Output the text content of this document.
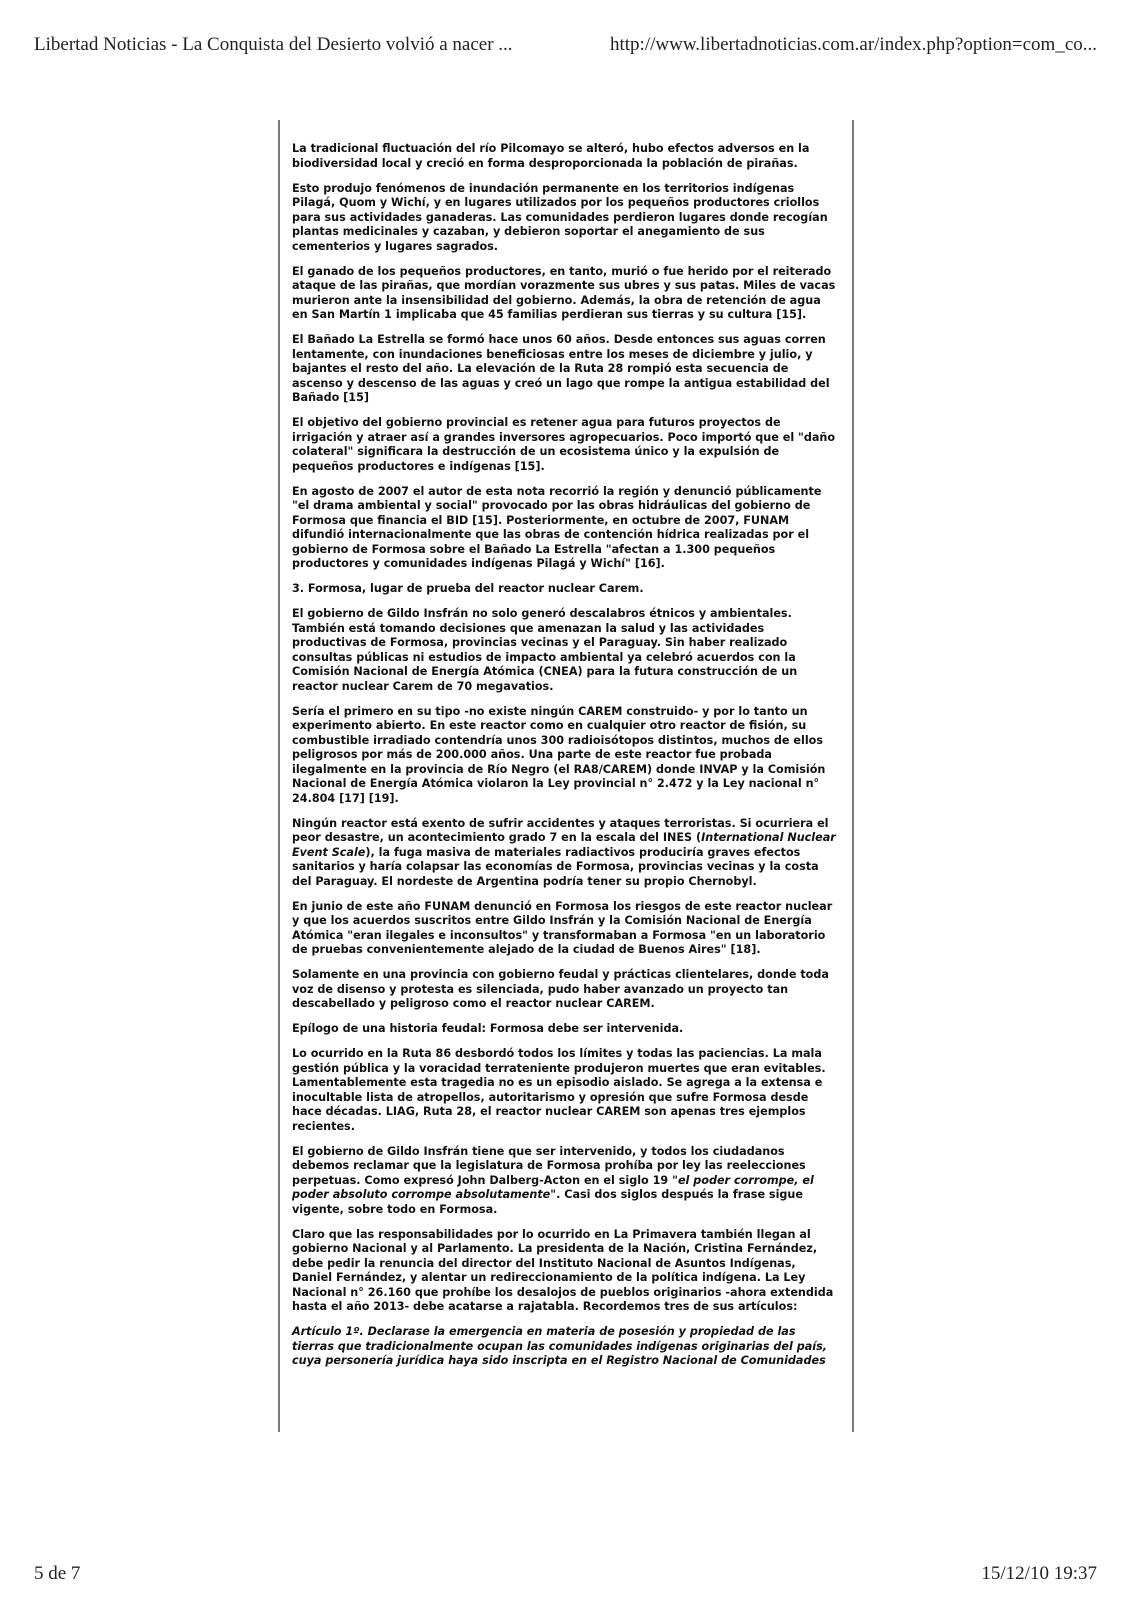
Libertad Noticias - La Conquista del Desierto volvió a nacer ...	http://www.libertadnoticias.com.ar/index.php?option=com_co...

La tradicional fluctuación del río Pilcomayo se alteró, hubo efectos adversos en la biodiversidad local y creció en forma desproporcionada la población de pirañas.

Esto produjo fenómenos de inundación permanente en los territorios indígenas Pilagá, Quom y Wichí, y en lugares utilizados por los pequeños productores criollos para sus actividades ganaderas. Las comunidades perdieron lugares donde recogían plantas medicinales y cazaban, y debieron soportar el anegamiento de sus cementerios y lugares sagrados.

El ganado de los pequeños productores, en tanto, murió o fue herido por el reiterado ataque de las pirañas, que mordían vorazmente sus ubres y sus patas. Miles de vacas murieron ante la insensibilidad del gobierno. Además, la obra de retención de agua en San Martín 1 implicaba que 45 familias perdieran sus tierras y su cultura [15].

El Bañado La Estrella se formó hace unos 60 años. Desde entonces sus aguas corren lentamente, con inundaciones beneficiosas entre los meses de diciembre y julio, y bajantes el resto del año. La elevación de la Ruta 28 rompió esta secuencia de ascenso y descenso de las aguas y creó un lago que rompe la antigua estabilidad del Bañado [15]

El objetivo del gobierno provincial es retener agua para futuros proyectos de irrigación y atraer así a grandes inversores agropecuarios. Poco importó que el "daño colateral" significara la destrucción de un ecosistema único y la expulsión de pequeños productores e indígenas [15].

En agosto de 2007 el autor de esta nota recorrió la región y denunció públicamente "el drama ambiental y social" provocado por las obras hidráulicas del gobierno de Formosa que financia el BID [15]. Posteriormente, en octubre de 2007, FUNAM difundió internacionalmente que las obras de contención hídrica realizadas por el gobierno de Formosa sobre el Bañado La Estrella "afectan a 1.300 pequeños productores y comunidades indígenas Pilagá y Wichí" [16].

3. Formosa, lugar de prueba del reactor nuclear Carem.

El gobierno de Gildo Insfrán no solo generó descalabros étnicos y ambientales. También está tomando decisiones que amenazan la salud y las actividades productivas de Formosa, provincias vecinas y el Paraguay. Sin haber realizado consultas públicas ni estudios de impacto ambiental ya celebró acuerdos con la Comisión Nacional de Energía Atómica (CNEA) para la futura construcción de un reactor nuclear Carem de 70 megavatios.

Sería el primero en su tipo -no existe ningún CAREM construido- y por lo tanto un experimento abierto. En este reactor como en cualquier otro reactor de fisión, su combustible irradiado contendría unos 300 radioisótopos distintos, muchos de ellos peligrosos por más de 200.000 años. Una parte de este reactor fue probada ilegalmente en la provincia de Río Negro (el RA8/CAREM) donde INVAP y la Comisión Nacional de Energía Atómica violaron la Ley provincial n° 2.472 y la Ley nacional n° 24.804 [17] [19].

Ningún reactor está exento de sufrir accidentes y ataques terroristas. Si ocurriera el peor desastre, un acontecimiento grado 7 en la escala del INES (International Nuclear Event Scale), la fuga masiva de materiales radiactivos produciría graves efectos sanitarios y haría colapsar las economías de Formosa, provincias vecinas y la costa del Paraguay. El nordeste de Argentina podría tener su propio Chernobyl.

En junio de este año FUNAM denunció en Formosa los riesgos de este reactor nuclear y que los acuerdos suscritos entre Gildo Insfrán y la Comisión Nacional de Energía Atómica "eran ilegales e inconsultos" y transformaban a Formosa "en un laboratorio de pruebas convenientemente alejado de la ciudad de Buenos Aires" [18].

Solamente en una provincia con gobierno feudal y prácticas clientelares, donde toda voz de disenso y protesta es silenciada, pudo haber avanzado un proyecto tan descabellado y peligroso como el reactor nuclear CAREM.

Epílogo de una historia feudal: Formosa debe ser intervenida.

Lo ocurrido en la Ruta 86 desbordó todos los límites y todas las paciencias. La mala gestión pública y la voracidad terrateniente produjeron muertes que eran evitables. Lamentablemente esta tragedia no es un episodio aislado. Se agrega a la extensa e inocultable lista de atropellos, autoritarismo y opresión que sufre Formosa desde hace décadas. LIAG, Ruta 28, el reactor nuclear CAREM son apenas tres ejemplos recientes.

El gobierno de Gildo Insfrán tiene que ser intervenido, y todos los ciudadanos debemos reclamar que la legislatura de Formosa prohíba por ley las reelecciones perpetuas. Como expresó John Dalberg-Acton en el siglo 19 "el poder corrompe, el poder absoluto corrompe absolutamente". Casi dos siglos después la frase sigue vigente, sobre todo en Formosa.

Claro que las responsabilidades por lo ocurrido en La Primavera también llegan al gobierno Nacional y al Parlamento. La presidenta de la Nación, Cristina Fernández, debe pedir la renuncia del director del Instituto Nacional de Asuntos Indígenas, Daniel Fernández, y alentar un redireccionamiento de la política indígena. La Ley Nacional n° 26.160 que prohíbe los desalojos de pueblos originarios -ahora extendida hasta el año 2013- debe acatarse a rajatabla. Recordemos tres de sus artículos:

Artículo 1º. Declarase la emergencia en materia de posesión y propiedad de las tierras que tradicionalmente ocupan las comunidades indígenas originarias del país, cuya personería jurídica haya sido inscripta en el Registro Nacional de Comunidades

5 de 7	15/12/10 19:37
